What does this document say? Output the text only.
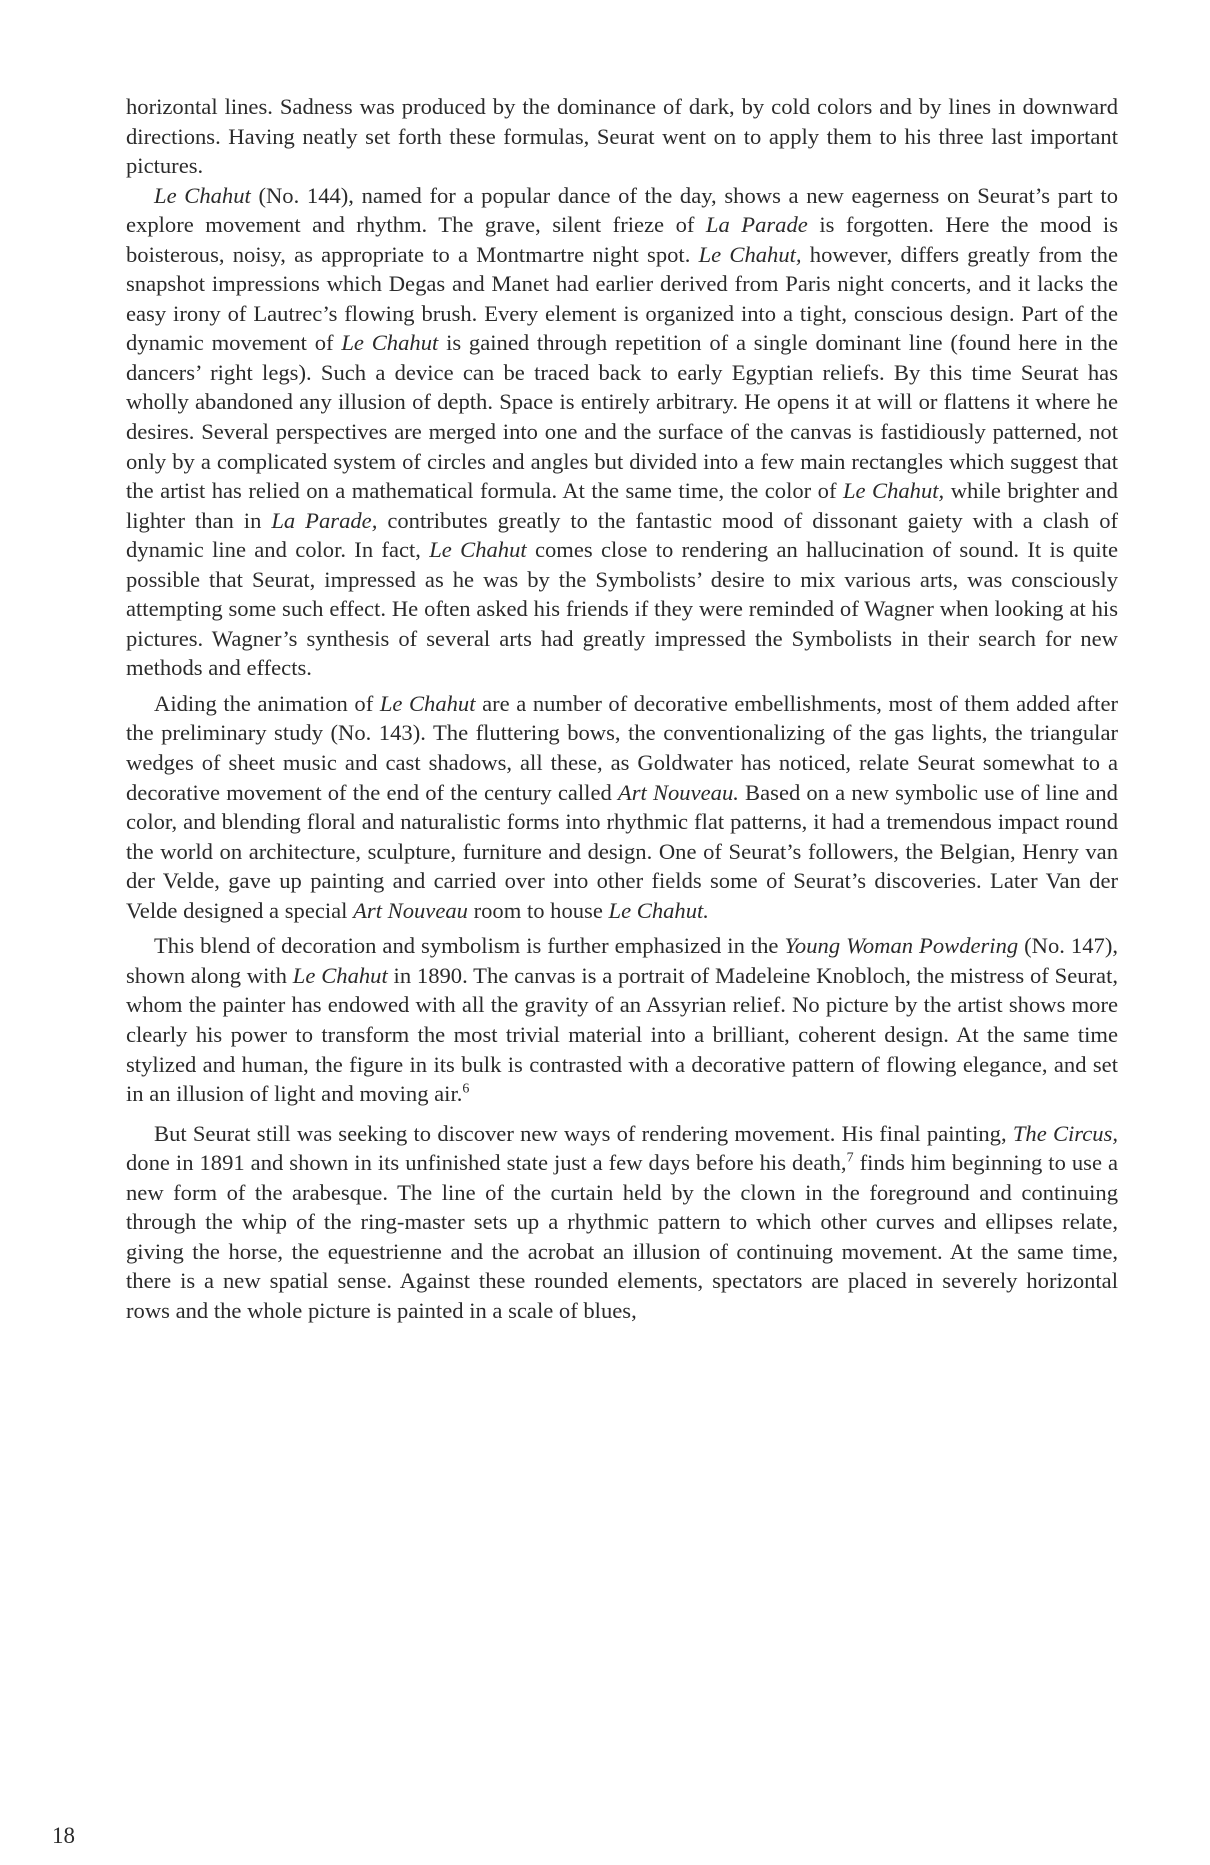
horizontal lines. Sadness was produced by the dominance of dark, by cold colors and by lines in downward directions. Having neatly set forth these formulas, Seurat went on to apply them to his three last important pictures.

Le Chahut (No. 144), named for a popular dance of the day, shows a new eagerness on Seurat’s part to explore movement and rhythm. The grave, silent frieze of La Parade is forgotten. Here the mood is boisterous, noisy, as appropriate to a Montmartre night spot. Le Chahut, however, differs greatly from the snapshot impressions which Degas and Manet had earlier derived from Paris night concerts, and it lacks the easy irony of Lautrec’s flowing brush. Every element is organized into a tight, conscious design. Part of the dynamic movement of Le Chahut is gained through repetition of a single dominant line (found here in the dancers’ right legs). Such a device can be traced back to early Egyptian reliefs. By this time Seurat has wholly abandoned any illusion of depth. Space is entirely arbitrary. He opens it at will or flattens it where he desires. Several perspectives are merged into one and the surface of the canvas is fastidiously patterned, not only by a complicated system of circles and angles but divided into a few main rectangles which suggest that the artist has relied on a mathematical formula. At the same time, the color of Le Chahut, while brighter and lighter than in La Parade, contributes greatly to the fantastic mood of dissonant gaiety with a clash of dynamic line and color. In fact, Le Chahut comes close to rendering an hallucination of sound. It is quite possible that Seurat, impressed as he was by the Symbolists’ desire to mix various arts, was consciously attempting some such effect. He often asked his friends if they were reminded of Wagner when looking at his pictures. Wagner’s synthesis of several arts had greatly impressed the Symbolists in their search for new methods and effects.

Aiding the animation of Le Chahut are a number of decorative embellishments, most of them added after the preliminary study (No. 143). The fluttering bows, the conventionalizing of the gas lights, the triangular wedges of sheet music and cast shadows, all these, as Goldwater has noticed, relate Seurat somewhat to a decorative movement of the end of the century called Art Nouveau. Based on a new symbolic use of line and color, and blending floral and naturalistic forms into rhythmic flat patterns, it had a tremendous impact round the world on architecture, sculpture, furniture and design. One of Seurat’s followers, the Belgian, Henry van der Velde, gave up painting and carried over into other fields some of Seurat’s discoveries. Later Van der Velde designed a special Art Nouveau room to house Le Chahut.

This blend of decoration and symbolism is further emphasized in the Young Woman Powdering (No. 147), shown along with Le Chahut in 1890. The canvas is a portrait of Madeleine Knobloch, the mistress of Seurat, whom the painter has endowed with all the gravity of an Assyrian relief. No picture by the artist shows more clearly his power to transform the most trivial material into a brilliant, coherent design. At the same time stylized and human, the figure in its bulk is contrasted with a decorative pattern of flowing elegance, and set in an illusion of light and moving air.$^6$

But Seurat still was seeking to discover new ways of rendering movement. His final painting, The Circus, done in 1891 and shown in its unfinished state just a few days before his death,$^7$ finds him beginning to use a new form of the arabesque. The line of the curtain held by the clown in the foreground and continuing through the whip of the ring-master sets up a rhythmic pattern to which other curves and ellipses relate, giving the horse, the equestrienne and the acrobat an illusion of continuing movement. At the same time, there is a new spatial sense. Against these rounded elements, spectators are placed in severely horizontal rows and the whole picture is painted in a scale of blues,

18
